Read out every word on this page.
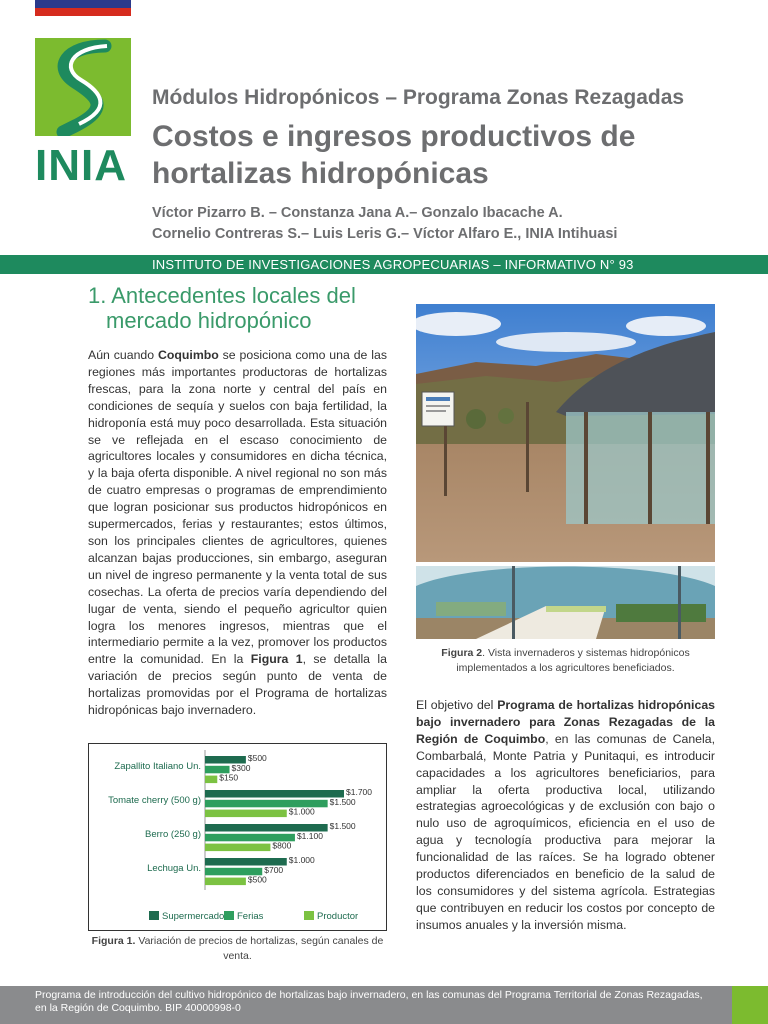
INIA
Módulos Hidropónicos – Programa Zonas Rezagadas
Costos e ingresos productivos de hortalizas hidropónicas
Víctor Pizarro B. – Constanza Jana A.– Gonzalo Ibacache A.
Cornelio Contreras S.– Luis Leris G.– Víctor Alfaro E., INIA Intihuasi
INSTITUTO DE INVESTIGACIONES AGROPECUARIAS – INFORMATIVO N° 93
1. Antecedentes locales del
mercado hidropónico
Aún cuando Coquimbo se posiciona como una de las regiones más importantes productoras de hortalizas frescas, para la zona norte y central del país en condiciones de sequía y suelos con baja fertilidad, la hidroponía está muy poco desarrollada. Esta situación se ve reflejada en el escaso conocimiento de agricultores locales y consumidores en dicha técnica, y la baja oferta disponible. A nivel regional no son más de cuatro empresas o programas de emprendimiento que logran posicionar sus productos hidropónicos en supermercados, ferias y restaurantes; estos últimos, son los principales clientes de agricultores, quienes alcanzan bajas producciones, sin embargo, aseguran un nivel de ingreso permanente y la venta total de sus cosechas. La oferta de precios varía dependiendo del lugar de venta, siendo el pequeño agricultor quien logra los menores ingresos, mientras que el intermediario permite a la vez, promover los productos entre la comunidad. En la Figura 1, se detalla la variación de precios según punto de venta de hortalizas promovidas por el Programa de hortalizas hidropónicas bajo invernadero.
Figura 2. Vista invernaderos y sistemas hidropónicos implementados a los agricultores beneficiados.
El objetivo del Programa de hortalizas hidropónicas bajo invernadero para Zonas Rezagadas de la Región de Coquimbo, en las comunas de Canela, Combarbalá, Monte Patria y Punitaqui, es introducir capacidades a los agricultores beneficiarios, para ampliar la oferta productiva local, utilizando estrategias agroecológicas y de exclusión con bajo o nulo uso de agroquímicos, eficiencia en el uso de agua y tecnología productiva para mejorar la funcionalidad de las raíces. Se ha logrado obtener productos diferenciados en beneficio de la salud de los consumidores y del sistema agrícola. Estrategias que contribuyen en reducir los costos por concepto de insumos anuales y la inversión misma.
Zapallito Italiano Un.
$500
$300
$150
Tomate cherry (500 g)
$1.700
$1.500
$1.000
Berro (250 g)
$1.500
$1.100
$800
Lechuga Un.
$1.000
$700
$500
Supermercado Ferias	Productor
Figura 1. Variación de precios de hortalizas, según canales de venta.
Programa de introducción del cultivo hidropónico de hortalizas bajo invernadero, en las comunas del Programa Territorial de Zonas Rezagadas, en la Región de Coquimbo. BIP 40000998-0
